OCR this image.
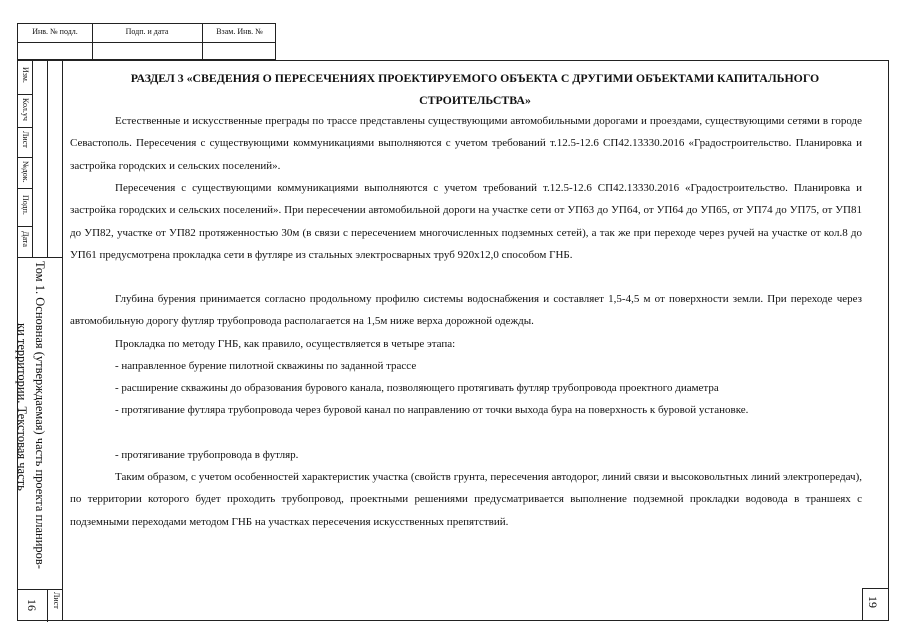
Инв. № подл.	Подп. и дата	Взам. Инв. №
Изм.
Кол.уч
Лист
№док.
Подп.
Дата
Том 1. Основная (утверждаемая) часть проекта планиров-
ки территории. Текстовая часть
Лист
16	19
РАЗДЕЛ 3 «СВЕДЕНИЯ О ПЕРЕСЕЧЕНИЯХ ПРОЕКТИРУЕМОГО ОБЪЕКТА С ДРУГИМИ ОБЪЕКТАМИ КАПИТАЛЬНОГО
СТРОИТЕЛЬСТВА»
Естественные и искусственные преграды по трассе представлены существующими автомобильными дорогами и проездами, существующими сетями в городе Севастополь. Пересечения с существующими коммуникациями выполняются с учетом требований т.12.5-12.6 СП42.13330.2016 «Градостроительство. Планировка и застройка городских и сельских поселений».
Пересечения с существующими коммуникациями выполняются с учетом требований т.12.5-12.6 СП42.13330.2016 «Градостроительство. Планировка и застройка городских и сельских поселений». При пересечении автомобильной дороги на участке сети от УП63 до УП64, от УП64 до УП65, от УП74 до УП75, от УП81 до УП82, участке от УП82 протяженностью 30м (в связи с пересечением многочисленных подземных сетей), а так же при переходе через ручей на участке от кол.8 до УП61 предусмотрена прокладка сети в футляре из стальных электросварных труб 920х12,0 способом ГНБ.
Глубина бурения принимается согласно продольному профилю системы водоснабжения и составляет 1,5-4,5 м от поверхности земли. При переходе через автомобильную дорогу футляр трубопровода располагается на 1,5м ниже верха дорожной одежды.
Прокладка по методу ГНБ, как правило, осуществляется в четыре этапа:
- направленное бурение пилотной скважины по заданной трассе
- расширение скважины до образования бурового канала, позволяющего протягивать футляр трубопровода проектного диаметра
- протягивание футляра трубопровода через буровой канал по направлению от точки выхода бура на поверхность к буровой установке.
- протягивание трубопровода в футляр.
Таким образом, с учетом особенностей характеристик участка (свойств грунта, пересечения автодорог, линий связи и высоковольтных линий электропередач), по территории которого будет проходить трубопровод, проектными решениями предусматривается выполнение подземной прокладки водовода в траншеях с подземными переходами методом ГНБ на участках пересечения искусственных препятствий.
